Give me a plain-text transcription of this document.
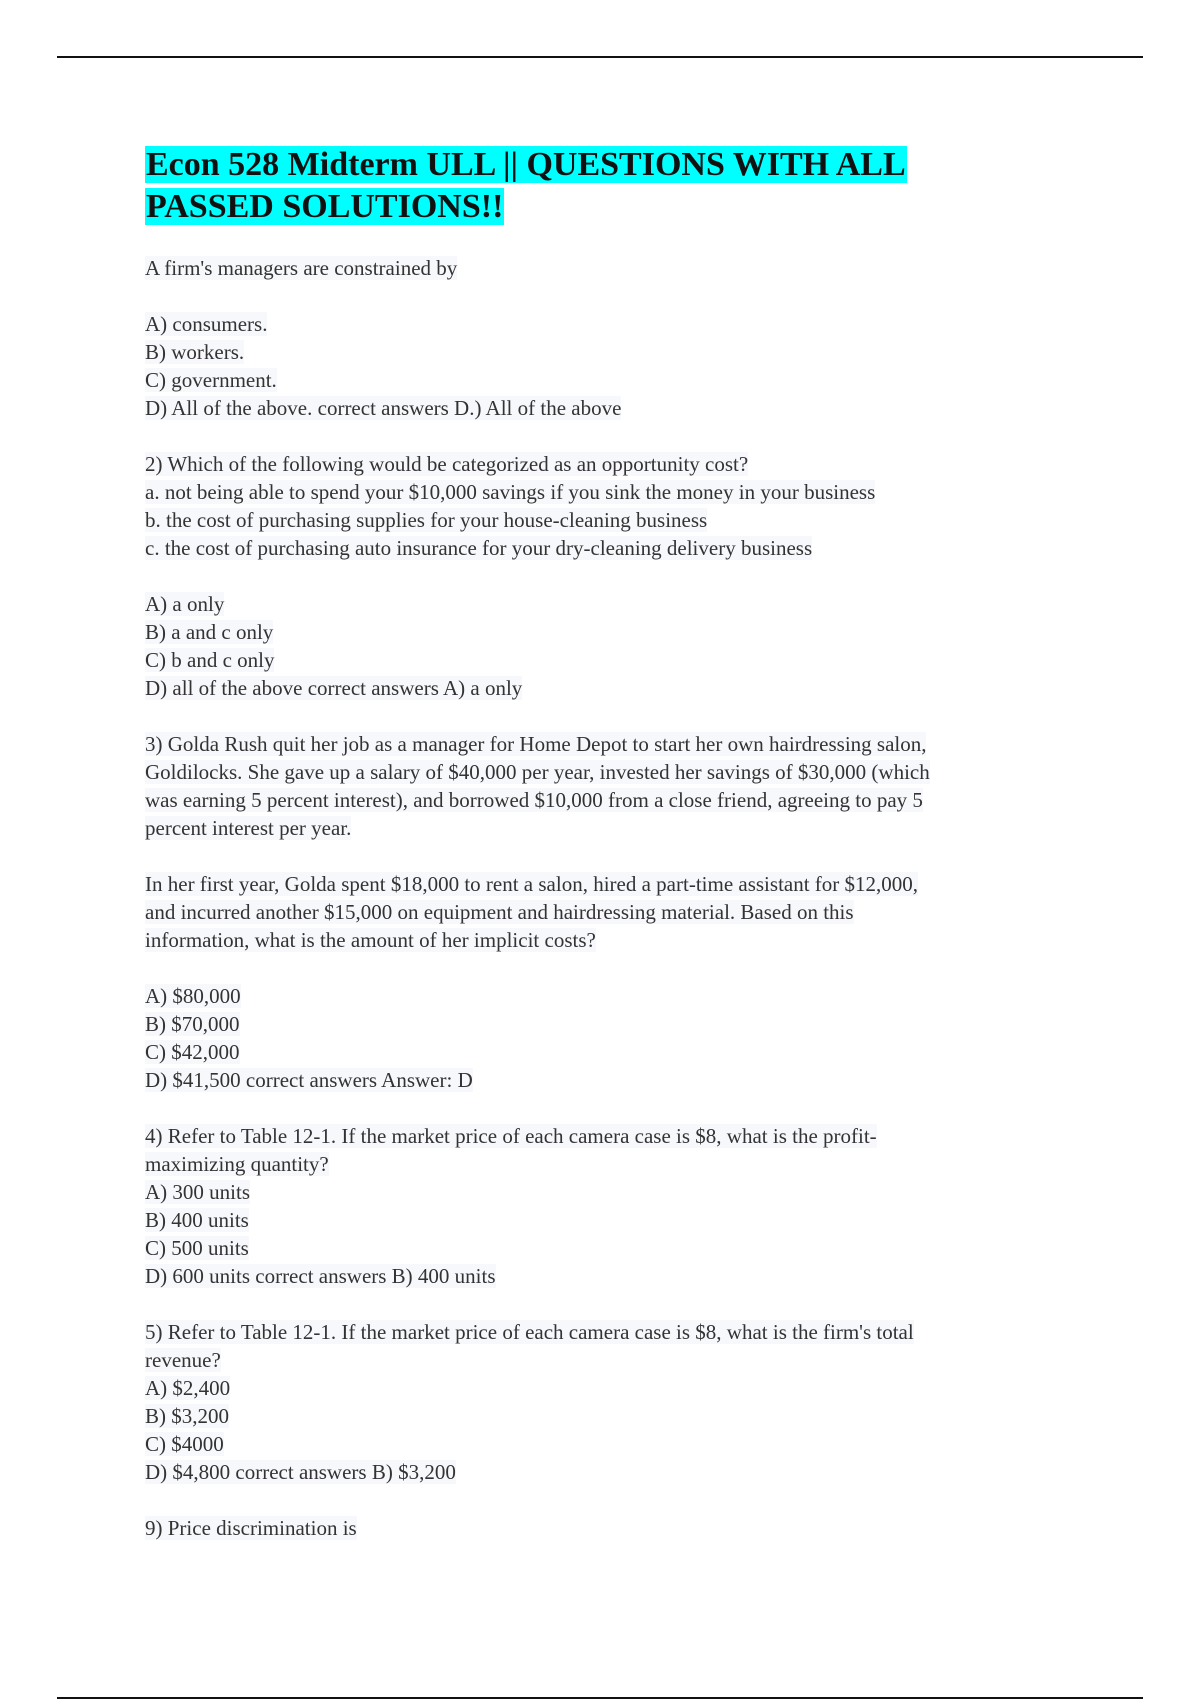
Econ 528 Midterm ULL || QUESTIONS WITH ALL
PASSED SOLUTIONS!!
A firm's managers are constrained by
A) consumers.
B) workers.
C) government.
D) All of the above. correct answers D.) All of the above
2) Which of the following would be categorized as an opportunity cost?
a. not being able to spend your $10,000 savings if you sink the money in your business
b. the cost of purchasing supplies for your house-cleaning business
c. the cost of purchasing auto insurance for your dry-cleaning delivery business
A) a only
B) a and c only
C) b and c only
D) all of the above correct answers A) a only
3) Golda Rush quit her job as a manager for Home Depot to start her own hairdressing salon,
Goldilocks. She gave up a salary of $40,000 per year, invested her savings of $30,000 (which
was earning 5 percent interest), and borrowed $10,000 from a close friend, agreeing to pay 5
percent interest per year.
In her first year, Golda spent $18,000 to rent a salon, hired a part-time assistant for $12,000,
and incurred another $15,000 on equipment and hairdressing material. Based on this
information, what is the amount of her implicit costs?
A) $80,000
B) $70,000
C) $42,000
D) $41,500 correct answers Answer: D
4) Refer to Table 12-1. If the market price of each camera case is $8, what is the profit-
maximizing quantity?
A) 300 units
B) 400 units
C) 500 units
D) 600 units correct answers B) 400 units
5) Refer to Table 12-1. If the market price of each camera case is $8, what is the firm's total
revenue?
A) $2,400
B) $3,200
C) $4000
D) $4,800 correct answers B) $3,200
9) Price discrimination is
